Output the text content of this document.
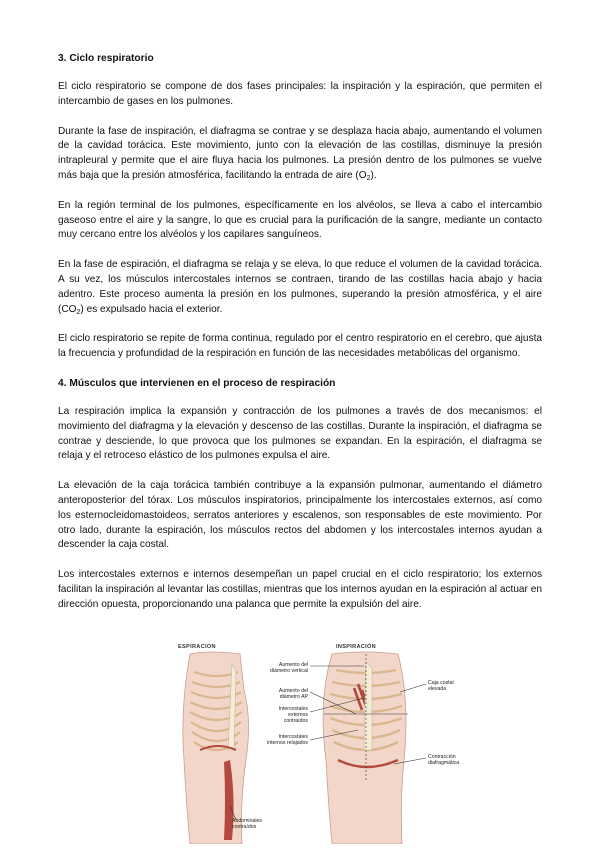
3. Ciclo respiratorio

El ciclo respiratorio se compone de dos fases principales: la inspiración y la espiración, que permiten el intercambio de gases en los pulmones.

Durante la fase de inspiración, el diafragma se contrae y se desplaza hacia abajo, aumentando el volumen de la cavidad torácica. Este movimiento, junto con la elevación de las costillas, disminuye la presión intrapleural y permite que el aire fluya hacia los pulmones. La presión dentro de los pulmones se vuelve más baja que la presión atmosférica, facilitando la entrada de aire $(O_2)$.

En la región terminal de los pulmones, específicamente en los alvéolos, se lleva a cabo el intercambio gaseoso entre el aire y la sangre, lo que es crucial para la purificación de la sangre, mediante un contacto muy cercano entre los alvéolos y los capilares sanguíneos.

En la fase de espiración, el diafragma se relaja y se eleva, lo que reduce el volumen de la cavidad torácica. A su vez, los músculos intercostales internos se contraen, tirando de las costillas hacia abajo y hacia adentro. Este proceso aumenta la presión en los pulmones, superando la presión atmosférica, y el aire $(CO_2)$ es expulsado hacia el exterior.

El ciclo respiratorio se repite de forma continua, regulado por el centro respiratorio en el cerebro, que ajusta la frecuencia y profundidad de la respiración en función de las necesidades metabólicas del organismo.

4. Músculos que intervienen en el proceso de respiración

La respiración implica la expansión y contracción de los pulmones a través de dos mecanismos: el movimiento del diafragma y la elevación y descenso de las costillas. Durante la inspiración, el diafragma se contrae y desciende, lo que provoca que los pulmones se expandan. En la espiración, el diafragma se relaja y el retroceso elástico de los pulmones expulsa el aire.

La elevación de la caja torácica también contribuye a la expansión pulmonar, aumentando el diámetro anteroposterior del tórax. Los músculos inspiratorios, principalmente los intercostales externos, así como los esternocleidomastoideos, serratos anteriores y escalenos, son responsables de este movimiento. Por otro lado, durante la espiración, los músculos rectos del abdomen y los intercostales internos ayudan a descender la caja costal.

Los intercostales externos e internos desempeñan un papel crucial en el ciclo respiratorio; los externos facilitan la inspiración al levantar las costillas, mientras que los internos ayudan en la espiración al actuar en dirección opuesta, proporcionando una palanca que permite la expulsión del aire.

ESPIRACION
Abdominales contraídos
INSPIRACIÓN
Aumento del diámetro vertical
Aumento del diámetro AP
Intercostales externos contraídos
Intercostales internos relajados
Caja costal elevada
Contracción diafragmática
